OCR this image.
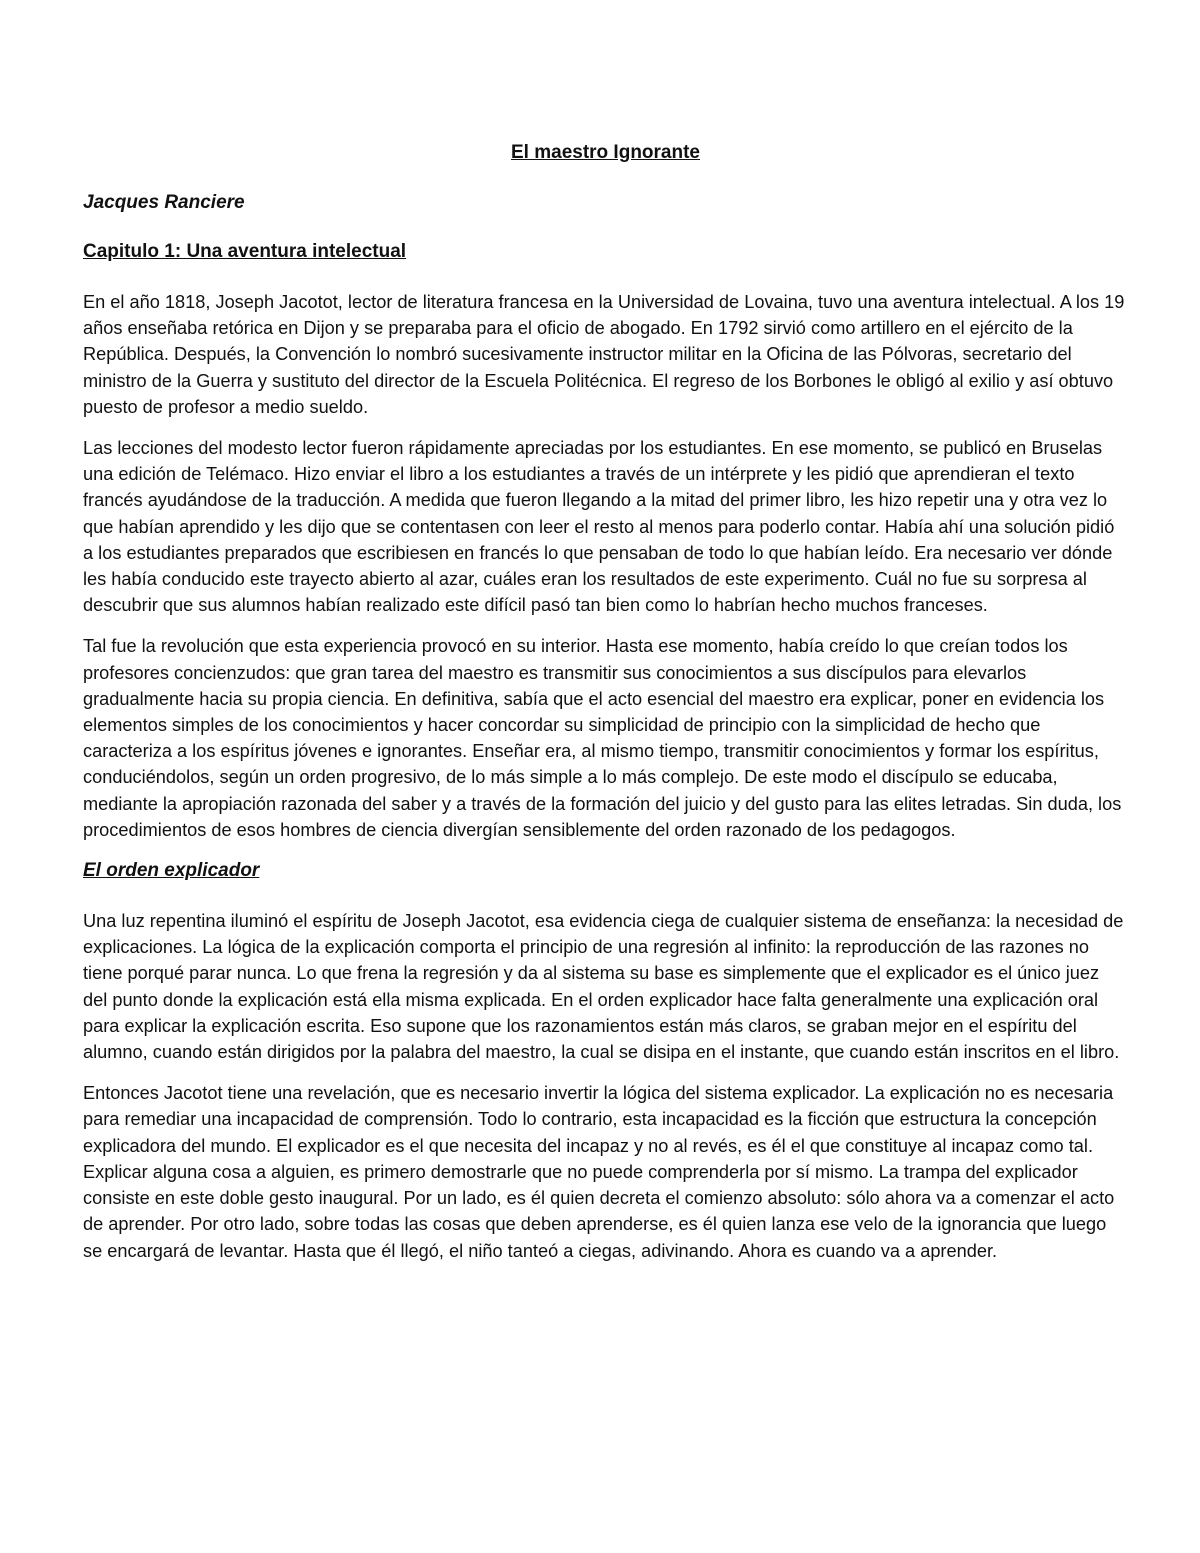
El maestro Ignorante
Jacques Ranciere
Capitulo 1: Una aventura intelectual

En el año 1818, Joseph Jacotot, lector de literatura francesa en la Universidad de Lovaina, tuvo una aventura intelectual. A los 19 años enseñaba retórica en Dijon y se preparaba para el oficio de abogado. En 1792 sirvió como artillero en el ejército de la República. Después, la Convención lo nombró sucesivamente instructor militar en la Oficina de las Pólvoras, secretario del ministro de la Guerra y sustituto del director de la Escuela Politécnica. El regreso de los Borbones le obligó al exilio y así obtuvo puesto de profesor a medio sueldo.

Las lecciones del modesto lector fueron rápidamente apreciadas por los estudiantes. En ese momento, se publicó en Bruselas una edición de Telémaco. Hizo enviar el libro a los estudiantes a través de un intérprete y les pidió que aprendieran el texto francés ayudándose de la traducción. A medida que fueron llegando a la mitad del primer libro, les hizo repetir una y otra vez lo que habían aprendido y les dijo que se contentasen con leer el resto al menos para poderlo contar. Había ahí una solución pidió a los estudiantes preparados que escribiesen en francés lo que pensaban de todo lo que habían leído. Era necesario ver dónde les había conducido este trayecto abierto al azar, cuáles eran los resultados de este experimento. Cuál no fue su sorpresa al descubrir que sus alumnos habían realizado este difícil pasó tan bien como lo habrían hecho muchos franceses.

Tal fue la revolución que esta experiencia provocó en su interior. Hasta ese momento, había creído lo que creían todos los profesores concienzudos: que gran tarea del maestro es transmitir sus conocimientos a sus discípulos para elevarlos gradualmente hacia su propia ciencia. En definitiva, sabía que el acto esencial del maestro era explicar, poner en evidencia los elementos simples de los conocimientos y hacer concordar su simplicidad de principio con la simplicidad de hecho que caracteriza a los espíritus jóvenes e ignorantes. Enseñar era, al mismo tiempo, transmitir conocimientos y formar los espíritus, conduciéndolos, según un orden progresivo, de lo más simple a lo más complejo. De este modo el discípulo se educaba, mediante la apropiación razonada del saber y a través de la formación del juicio y del gusto para las elites letradas. Sin duda, los procedimientos de esos hombres de ciencia divergían sensiblemente del orden razonado de los pedagogos.

El orden explicador

Una luz repentina iluminó el espíritu de Joseph Jacotot, esa evidencia ciega de cualquier sistema de enseñanza: la necesidad de explicaciones. La lógica de la explicación comporta el principio de una regresión al infinito: la reproducción de las razones no tiene porqué parar nunca. Lo que frena la regresión y da al sistema su base es simplemente que el explicador es el único juez del punto donde la explicación está ella misma explicada. En el orden explicador hace falta generalmente una explicación oral para explicar la explicación escrita. Eso supone que los razonamientos están más claros, se graban mejor en el espíritu del alumno, cuando están dirigidos por la palabra del maestro, la cual se disipa en el instante, que cuando están inscritos en el libro.

Entonces Jacotot tiene una revelación, que es necesario invertir la lógica del sistema explicador. La explicación no es necesaria para remediar una incapacidad de comprensión. Todo lo contrario, esta incapacidad es la ficción que estructura la concepción explicadora del mundo. El explicador es el que necesita del incapaz y no al revés, es él el que constituye al incapaz como tal. Explicar alguna cosa a alguien, es primero demostrarle que no puede comprenderla por sí mismo. La trampa del explicador consiste en este doble gesto inaugural. Por un lado, es él quien decreta el comienzo absoluto: sólo ahora va a comenzar el acto de aprender. Por otro lado, sobre todas las cosas que deben aprenderse, es él quien lanza ese velo de la ignorancia que luego se encargará de levantar. Hasta que él llegó, el niño tanteó a ciegas, adivinando. Ahora es cuando va a aprender.
